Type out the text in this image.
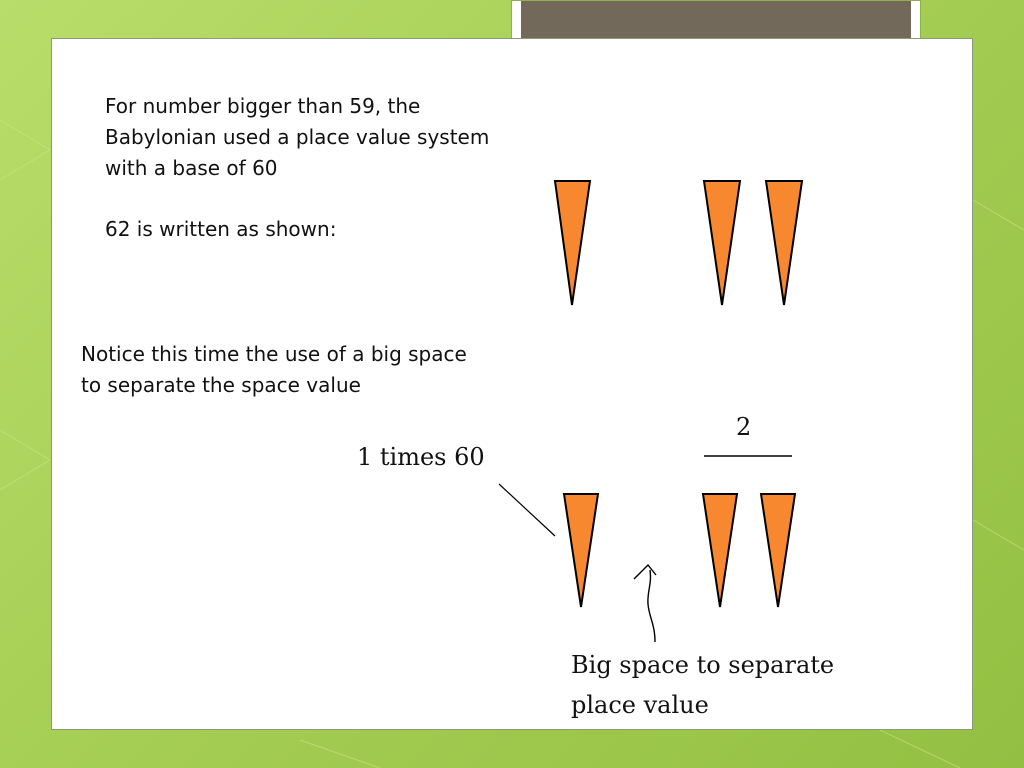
For number bigger than 59, the
Babylonian used a place value system
with a base of 60

62 is written as shown:

Notice this time the use of a big space
to separate the space value

1 times 60

2

Big space to separate
place value
